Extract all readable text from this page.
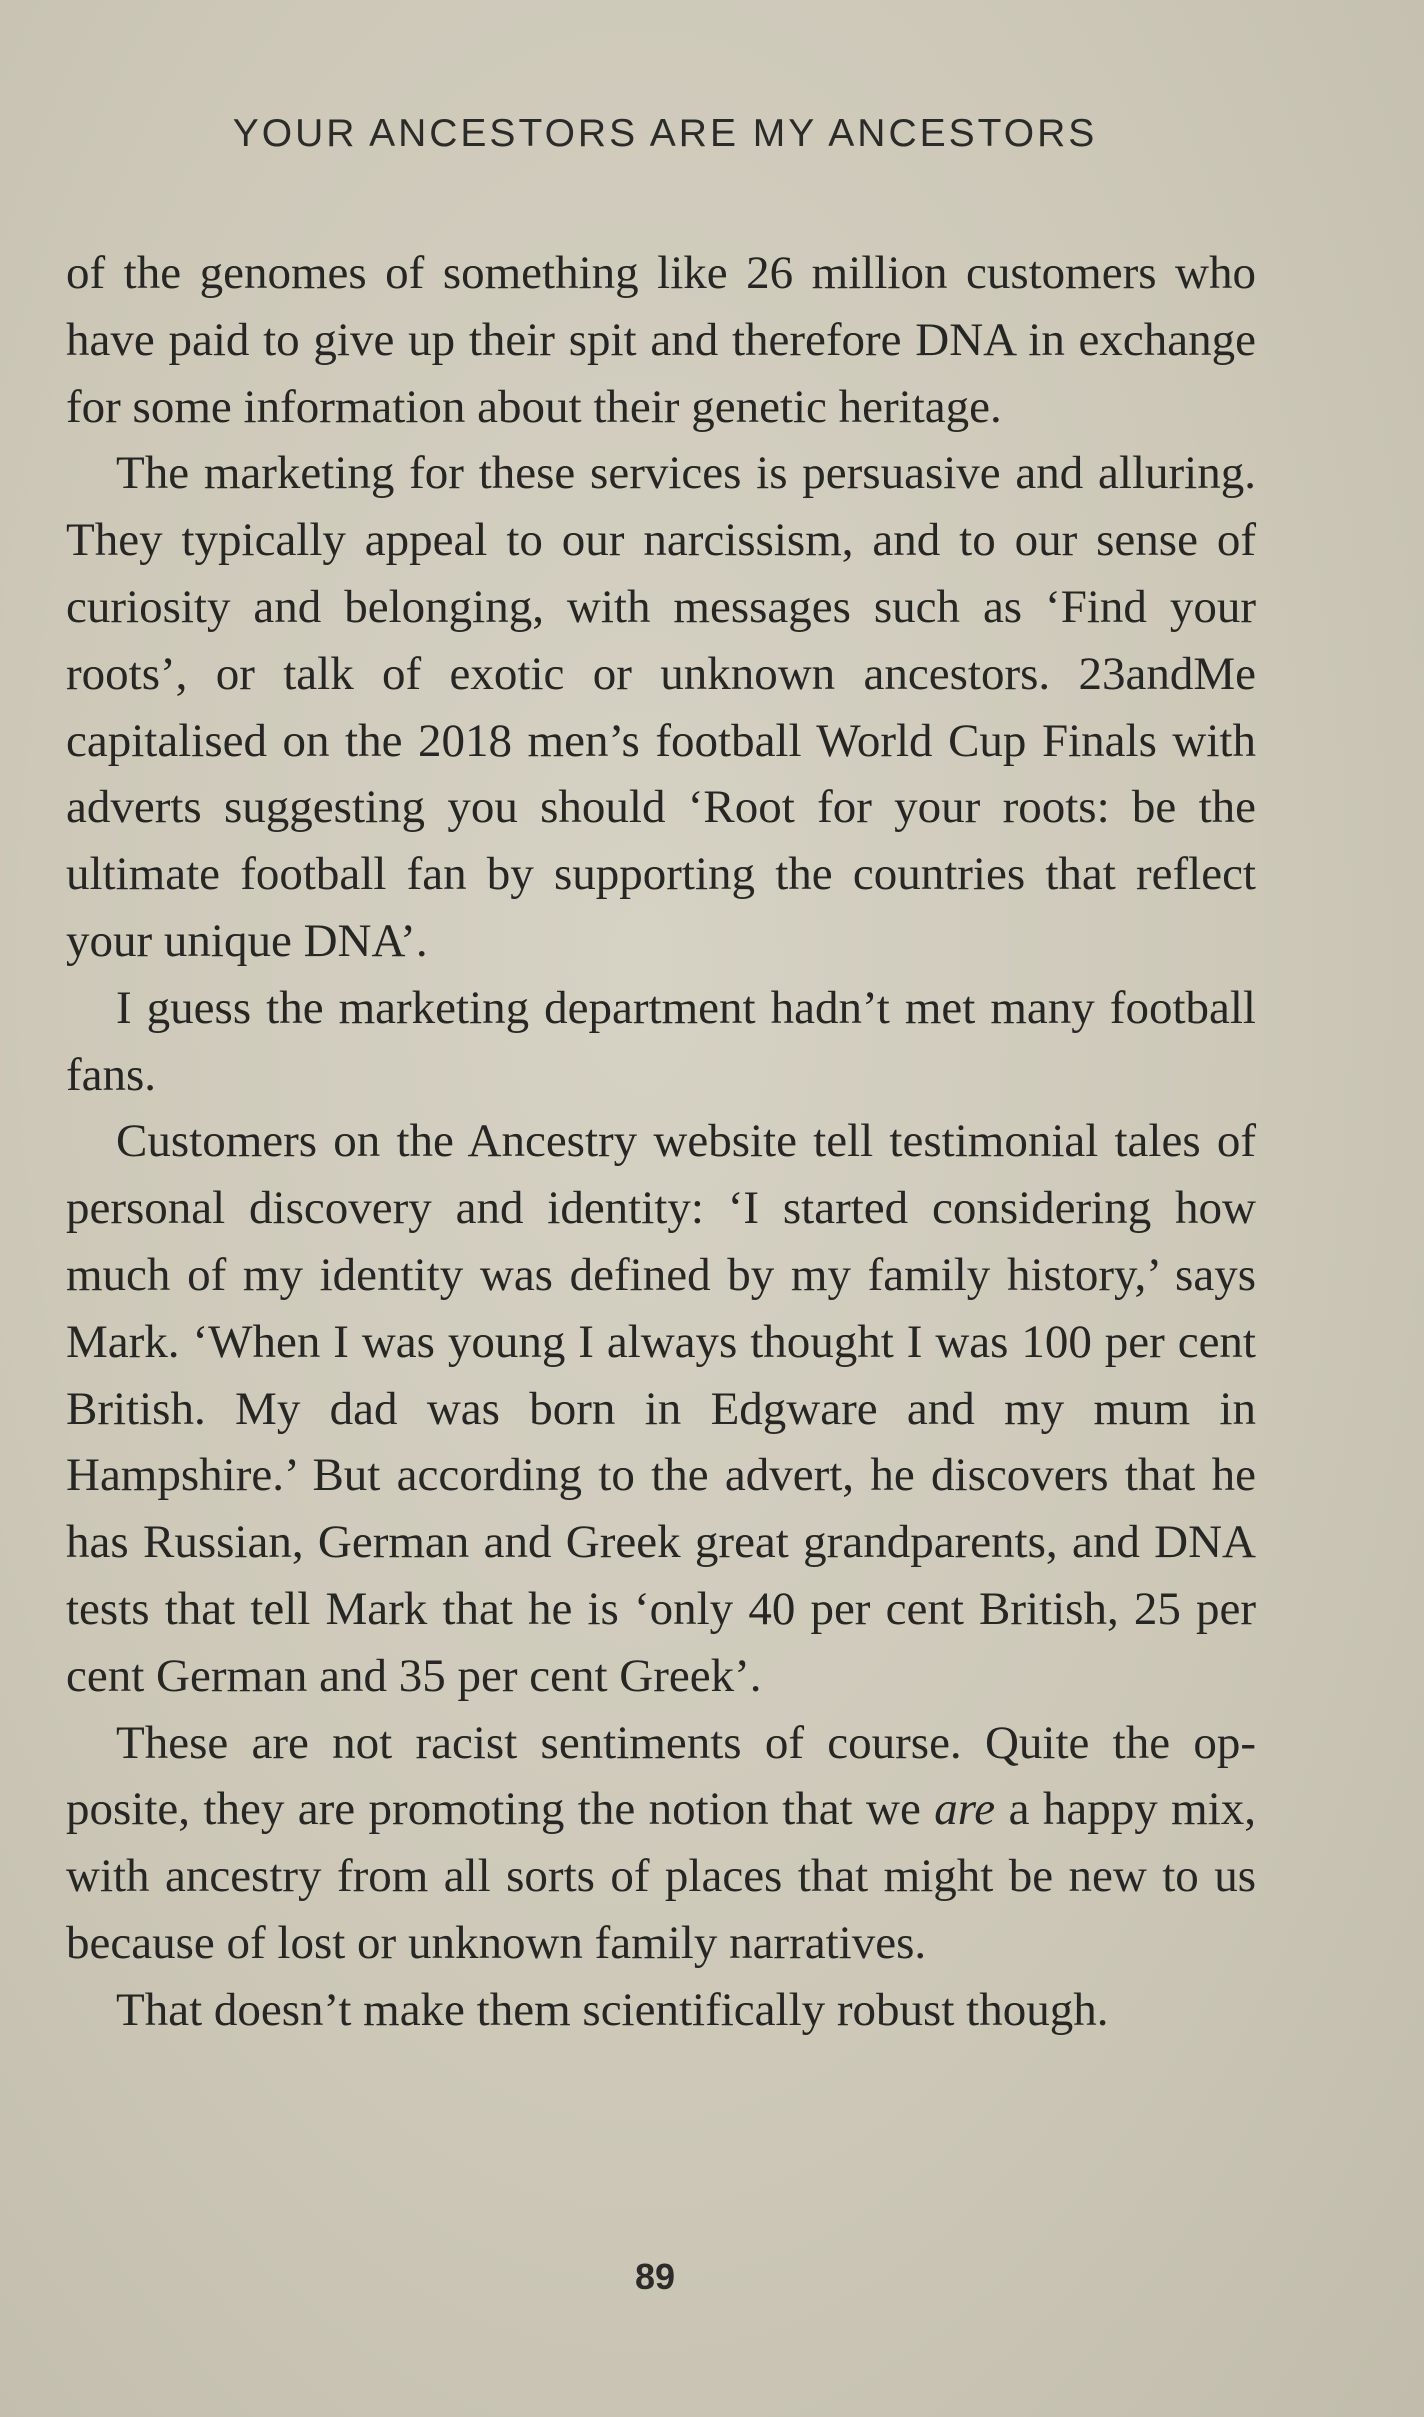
YOUR ANCESTORS ARE MY ANCESTORS

of the genomes of something like 26 million customers who have paid to give up their spit and therefore DNA in exchange for some information about their genetic heritage.

The marketing for these services is persuasive and alluring. They typically appeal to our narcissism, and to our sense of curiosity and belonging, with messages such as ‘Find your roots’, or talk of exotic or unknown ancestors. 23andMe capitalised on the 2018 men’s football World Cup Finals with adverts suggesting you should ‘Root for your roots: be the ultimate football fan by supporting the countries that reflect your unique DNA’.

I guess the marketing department hadn’t met many football fans.

Customers on the Ancestry website tell testimonial tales of personal discovery and identity: ‘I started considering how much of my identity was defined by my family history,’ says Mark. ‘When I was young I always thought I was 100 per cent British. My dad was born in Edgware and my mum in Hampshire.’ But according to the advert, he discovers that he has Russian, German and Greek great grandparents, and DNA tests that tell Mark that he is ‘only 40 per cent British, 25 per cent German and 35 per cent Greek’.

These are not racist sentiments of course. Quite the opposite, they are promoting the notion that we are a happy mix, with ancestry from all sorts of places that might be new to us because of lost or unknown family narratives.

That doesn’t make them scientifically robust though.

89
